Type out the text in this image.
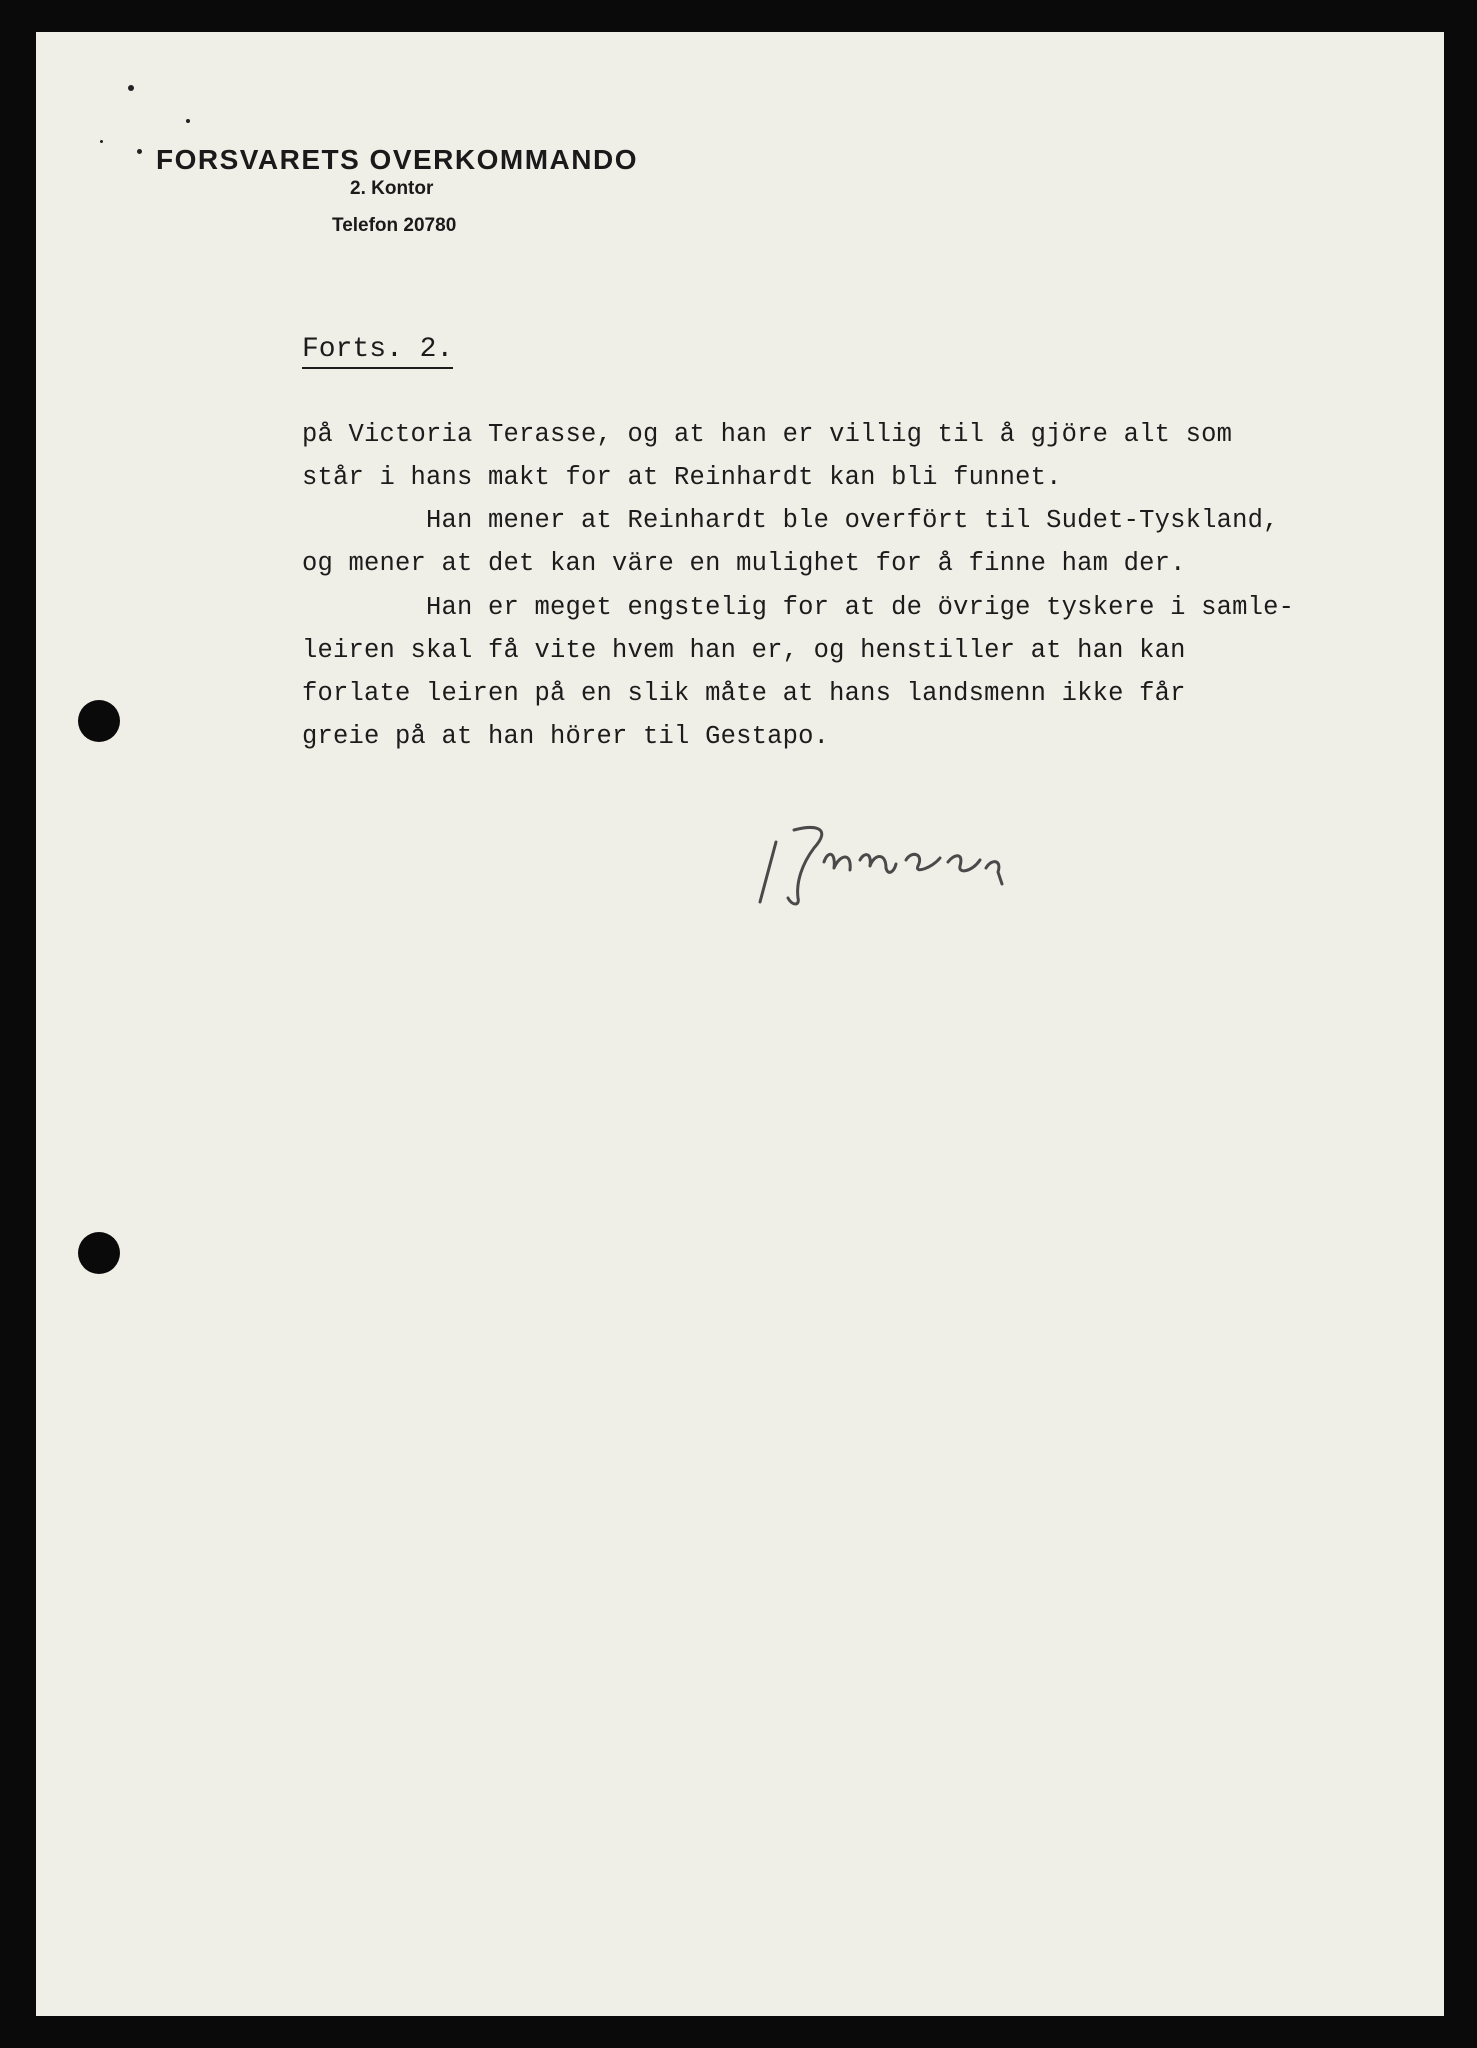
FORSVARETS OVERKOMMANDO
2. Kontor
Telefon 20780
Forts. 2.
på Victoria Terasse, og at han er villig til å gjöre alt som
står i hans makt for at Reinhardt kan bli funnet.
Han mener at Reinhardt ble overfört til Sudet-Tyskland,
og mener at det kan väre en mulighet for å finne ham der.
Han er meget engstelig for at de övrige tyskere i samle-
leiren skal få vite hvem han er, og henstiller at han kan
forlate leiren på en slik måte at hans landsmenn ikke får
greie på at han hörer til Gestapo.
